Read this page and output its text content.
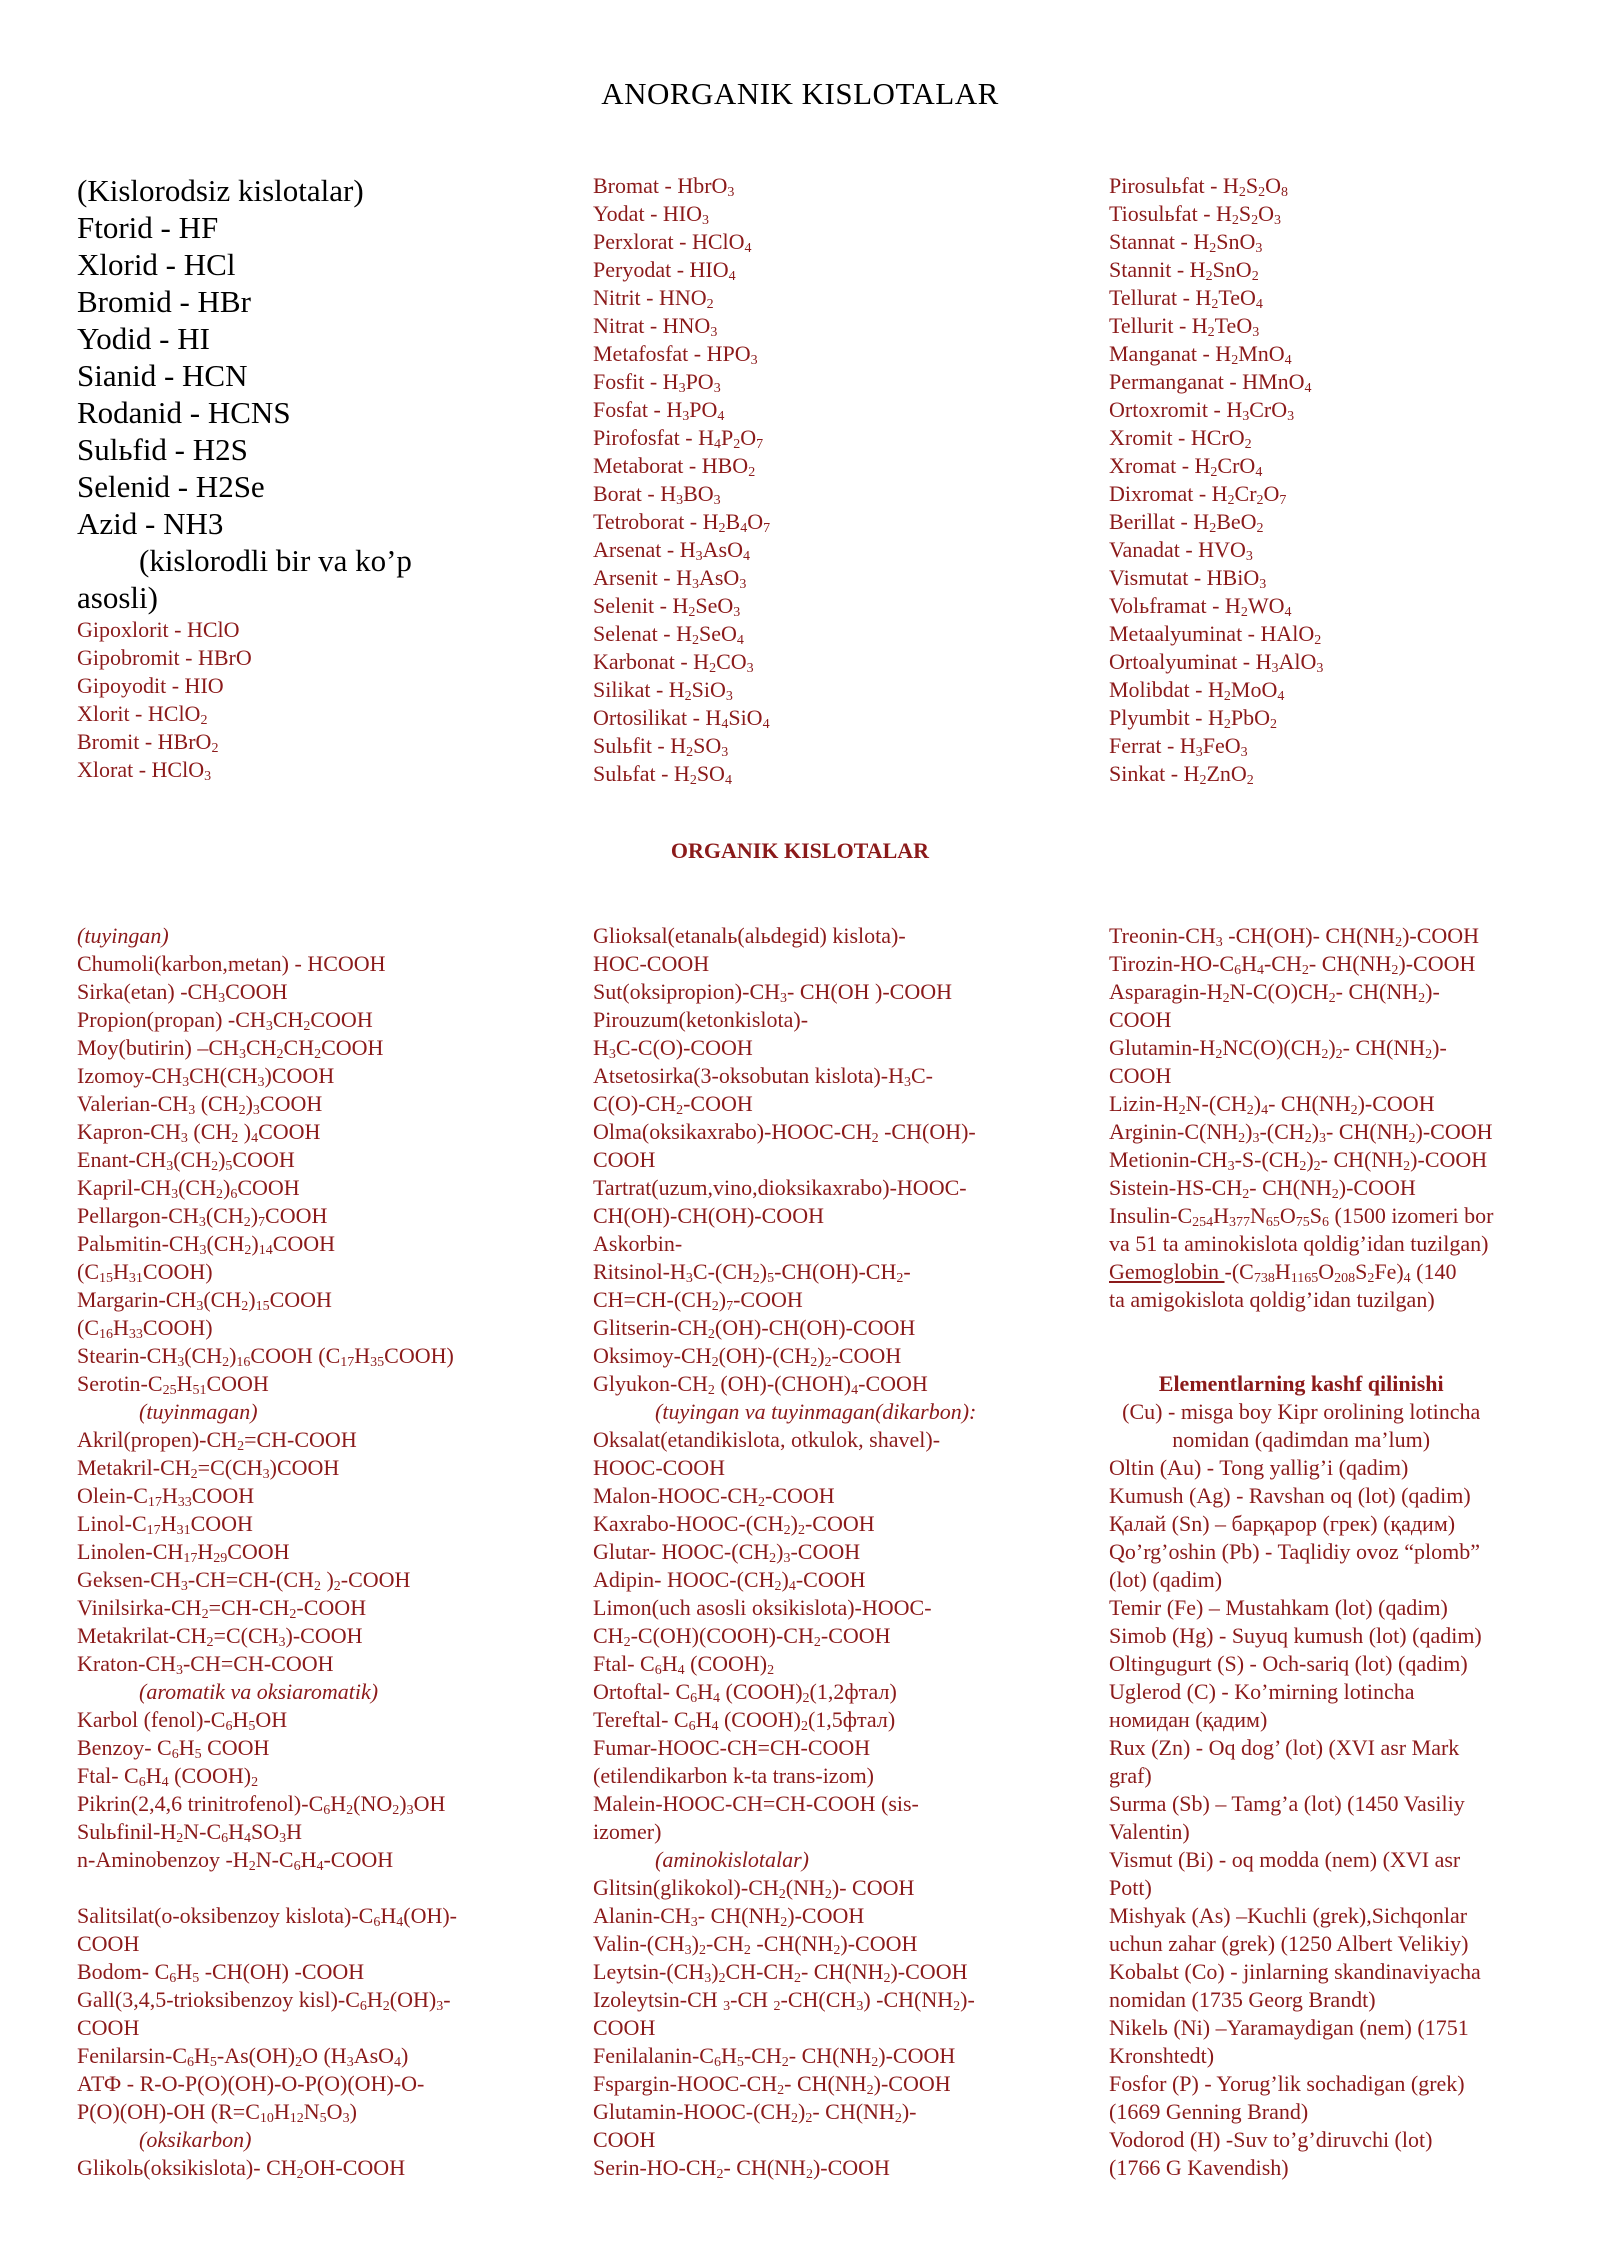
ANORGANIK KISLOTALAR
(Kislorodsiz kislotalar)
Ftorid - HF
Xlorid - HCl
Bromid - HBr
Yodid - HI
Sianid - HCN
Rodanid - HCNS
Sulьfid - H2S
Selenid - H2Se
Azid - NH3
(kislorodli bir va ko’p
asosli)
Gipoxlorit - HClO
Gipobromit - HBrO
Gipoyodit - HIO
Xlorit - HClO$_2$
Bromit - HBrO$_2$
Xlorat - HClO$_3$
Bromat - HbrO$_3$
Yodat - $HIO_3$
Perxlorat - HClO$_4$
Peryodat - $HIO_4$
Nitrit - $HNO_2$
Nitrat - $HNO_3$
Metafosfat - $HPO_3$
Fosfit - $H_3PO_3$
Fosfat - $H_3PO_4$
Pirofosfat - $H_4P_2O_7$
Metaborat - $HBO_2$
Borat - $H_3BO_3$
Tetroborat - $H_2B_4O_7$
Arsenat - $H_3AsO_4$
Arsenit - $H_3AsO_3$
Selenit - $H_2SeO_3$
Selenat - $H_2SeO_4$
Karbonat - $H_2CO_3$
Silikat - $H_2SiO_3$
Ortosilikat - $H_4SiO_4$
Sulьfit - $H_2SO_3$
Sulьfat - $H_2SO_4$
Pirosulьfat - $H_2S_2O_8$
Tiosulьfat - $H_2S_2O_3$
Stannat - $H_2SnO_3$
Stannit - $H_2SnO_2$
Tellurat - $H_2TeO_4$
Tellurit - $H_2TeO_3$
Manganat - $H_2MnO_4$
Permanganat - HMnO$_4$
Ortoxromit - $H_3CrO_3$
Xromit - HCrO$_2$
Xromat - $H_2CrO_4$
Dixromat - $H_2Cr_2O_7$
Berillat - $H_2BeO_2$
Vanadat - $HVO_3$
Vismutat - HBiO$_3$
Volьframat - $H_2WO_4$
Metaalyuminat - HAlO$_2$
Ortoalyuminat - $H_3AlO_3$
Molibdat - $H_2MoO_4$
Plyumbit - $H_2PbO_2$
Ferrat - $H_3FeO_3$
Sinkat - $H_2ZnO_2$
ORGANIK KISLOTALAR
(tuyingan)
Chumoli(karbon,metan) - HCOOH
Sirka(etan) $-CH_3COOH$
Propion(propan) $-CH_3CH_2COOH$
Moy(butirin) $-CH_3CH_2CH_2COOH$
Izomoy-$CH_3CH(CH_3)COOH$
Valerian-$CH_3$ $(CH_2)_3COOH$
Kapron-$CH_3$ ($CH_2$ )$_4COOH$
Enant-$CH_3(CH_2)_5COOH$
Kapril-$CH_3(CH_2)_6COOH$
Pellargon-$CH_3(CH_2)_7COOH$
Palьmitin-$CH_3(CH_2)_{14}COOH$
$(C_{15}H_{31}COOH)$
Margarin-$CH_3(CH_2)_{15}COOH$
$(C_{16}H_{33}COOH)$
Stearin-$CH_3(CH_2)_{16}COOH$ $(C_{17}H_{35}COOH)$
Serotin-$C_{25}H_{51}COOH$
(tuyinmagan)
$Akril(propen)-CH_2=CH$-COOH
Metakril-$CH_2=C(CH_3)COOH$
Olein-$C_{17}H_{33}COOH$
Linol-$C_{17}H_{31}COOH$
Linolen-$CH_{17}H_{29}COOH$
Geksen-$CH_3-CH=CH-(CH_2$ )$_2$-COOH
Vinilsirka-$CH_2=CH-CH_2$-COOH
Metakrilat-$CH_2=C(CH_3)$-COOH
Kraton-$CH_3-CH=CH$-COOH
(aromatik va oksiaromatik)
Karbol $(fenol)-C_6H_5OH$
Benzoy- $C_6H_5$ COOH
Ftal- $C_6H_4$ $(COOH)_2$
Pikrin(2,4,6 $trinitrofenol)-C_6H_2(NO_2)_3OH$
Sulьfinil-$H_2N-C_6H_4SO_3H$
n-Aminobenzoy $-H_2N-C_6H_4$-COOH

Salitsilat(o-oksibenzoy $kislota)-C_6H_4(OH)-$
COOH
Bodom- $C_6H_5$ -CH(OH) -COOH
Gall(3,4,5-trioksibenzoy $kisl)-C_6H_2(OH)_3-$
COOH
Fenilarsin-$C_6H_5-As(OH)_2O$ $(H_3AsO_4)$
АТФ - R-O-P(O)(OH)-O-P(O)(OH)-O-
P(O)(OH)-OH $(R=C_{10}H_{12}N_5O_3)$
(oksikarbon)
Glikolь(oksikislota)- $CH_2OH$-COOH
Glioksal(etanalь(alьdegid) kislota)-
HOC-COOH
$Sut(oksipropion)-CH_3-$ CH(OH )-COOH
Pirouzum(ketonkislota)-
$H_3C-C(O)$-COOH
Atsetosirka(3-oksobutan $kislota)-H_3C-$
$C(O)-CH_2$-COOH
$Olma(oksikaxrabo)-HOOC-CH_2$ -CH(OH)-
COOH
Tartrat(uzum,vino,dioksikaxrabo)-HOOC-
CH(OH)-CH(OH)-COOH
Askorbin-
Ritsinol-$H_3C-(CH_2)_5-CH(OH)-CH_2-$
$CH=CH-(CH_2)_7$-COOH
Glitserin-$CH_2(OH)-CH(OH)$-COOH
Oksimoy-$CH_2(OH)-(CH_2)_2$-COOH
Glyukon-$CH_2$ $(OH)-(CHOH)_4$-COOH
(tuyingan va tuyinmagan(dikarbon):
Oksalat(etandikislota, otkulok, shavel)-
HOOC-COOH
Malon-$HOOC-CH_2$-COOH
Kaxrabo-$HOOC-(CH_2)_2$-COOH
Glutar- HOOC-$(CH_2)_3$-COOH
Adipin- HOOC-$(CH_2)_4$-COOH
Limon(uch asosli oksikislota)-HOOC-
$CH_2-C(OH)(COOH)-CH_2$-COOH
Ftal- $C_6H_4$ $(COOH)_2$
Ortoftal- $C_6H_4$ $(COOH)_2(1,2фтал)$
Tereftal- $C_6H_4$ $(COOH)_2(1,5фтал)$
Fumar-HOOC-CH=CH-COOH
(etilendikarbon k-ta trans-izom)
Malein-HOOC-CH=CH-COOH (sis-
izomer)
(aminokislotalar)
$Glitsin(glikokol)-CH_2(NH_2)-$ COOH
Alanin-$CH_3-$ $CH(NH_2)$-COOH
Valin-$(CH_3)_2-CH_2$ $-CH(NH_2)$-COOH
Leytsin-$(CH_3)_2CH-CH_2-$ $CH(NH_2)$-COOH
Izoleytsin-CH $_3$-CH $_2-CH(CH_3)$ $-CH(NH_2)-$
COOH
Fenilalanin-$C_6H_5-CH_2-$ $CH(NH_2)$-COOH
Fspargin-$HOOC-CH_2-$ $CH(NH_2)$-COOH
Glutamin-$HOOC-(CH_2)_2-$ $CH(NH_2)-$
COOH
Serin-$HO-CH_2-$ $CH(NH_2)$-COOH
Treonin-$CH_3$ -CH(OH)- $CH(NH_2)$-COOH
Tirozin-$HO-C_6H_4-CH_2-$ $CH(NH_2)$-COOH
Asparagin-$H_2N-C(O)CH_2-$ $CH(NH_2)-$
COOH
Glutamin-$H_2NC(O)(CH_2)_2-$ $CH(NH_2)-$
COOH
Lizin-$H_2N-(CH_2)_4-$ $CH(NH_2)$-COOH
Arginin-$C(NH_2)_3-(CH_2)_3-$ $CH(NH_2)$-COOH
Metionin-$CH_3-S-(CH_2)_2-$ $CH(NH_2)$-COOH
Sistein-$HS-CH_2-$ $CH(NH_2)$-COOH
Insulin-$C_{254}H_{377}N_{65}O_{75}S_6$ (1500 izomeri bor
va 51 ta aminokislota qoldig’idan tuzilgan)
Gemoglobin $-(C_{738}H_{1165}O_{208}S_2Fe)_4$ (140
ta amigokislota qoldig’idan tuzilgan)

Elementlarning kashf qilinishi
(Cu) - misga boy Kipr orolining lotincha
nomidan (qadimdan ma’lum)
Oltin (Au) - Tong yallig’i (qadim)
Kumush (Ag) - Ravshan oq (lot) (qadim)
Қалай (Sn) – барқарор (грек) (қадим)
Qo’rg’oshin (Pb) - Taqlidiy ovoz “plomb”
(lot) (qadim)
Temir (Fe) – Mustahkam (lot) (qadim)
Simob (Hg) - Suyuq kumush (lot) (qadim)
Oltingugurt (S) - Och-sariq (lot) (qadim)
Uglerod (C) - Ko’mirning lotincha
номидан (қадим)
Rux (Zn) - Oq dog’ (lot) (XVI asr Mark
graf)
Surma (Sb) – Tamg’a (lot) (1450 Vasiliy
Valentin)
Vismut (Bi) - oq modda (nem) (XVI asr
Pott)
Mishyak (As) –Kuchli (grek),Sichqonlar
uchun zahar (grek) (1250 Albert Velikiy)
Kobalьt (Co) - jinlarning skandinaviyacha
nomidan (1735 Georg Brandt)
Nikelь (Ni) –Yaramaydigan (nem) (1751
Kronshtedt)
Fosfor (P) - Yorug’lik sochadigan (grek)
(1669 Genning Brand)
Vodorod (H) -Suv to’g’diruvchi (lot)
(1766 G Kavendish)
